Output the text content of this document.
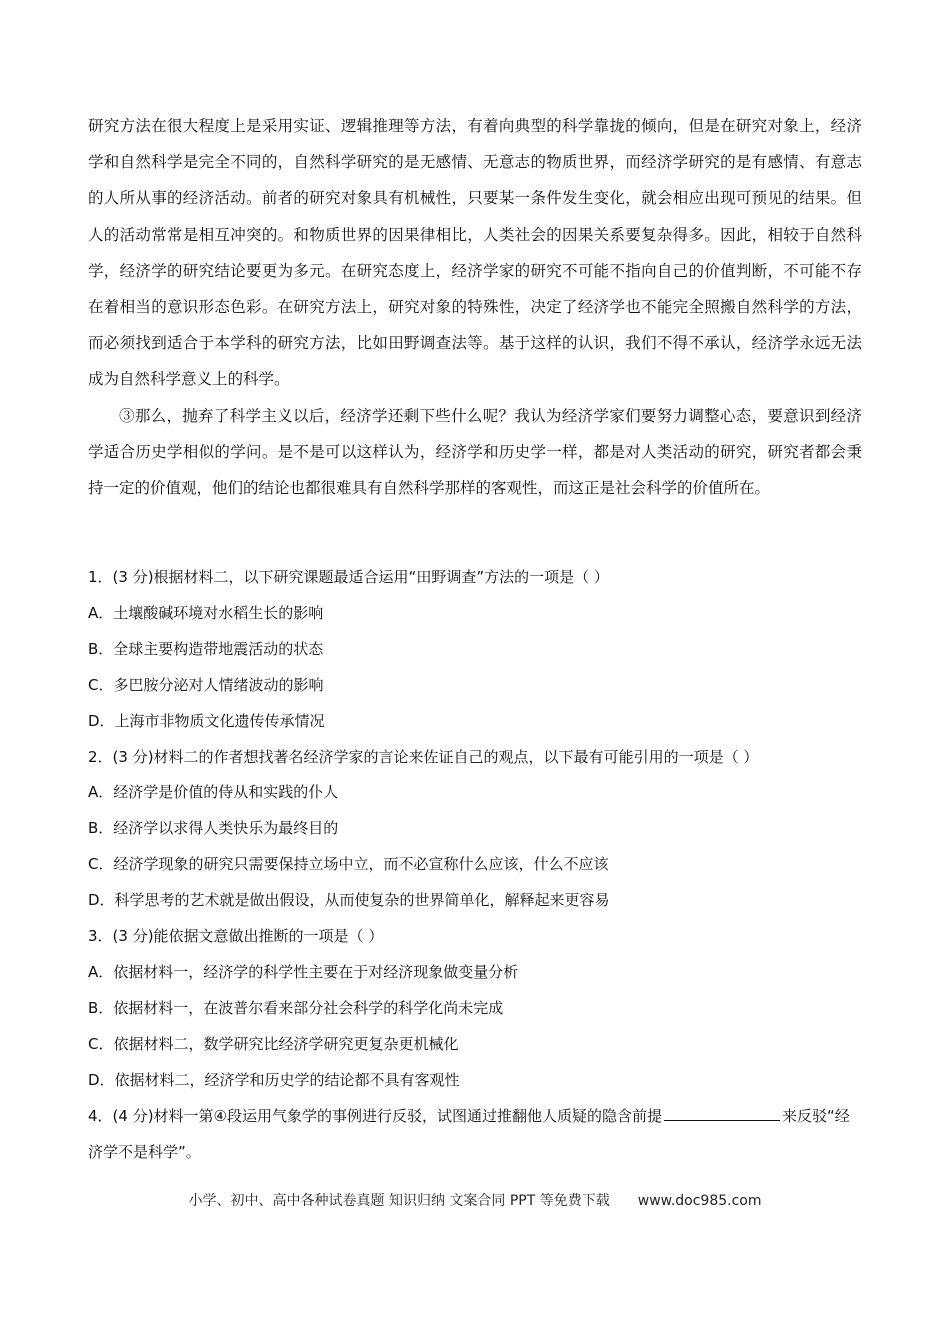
研究方法在很大程度上是采用实证、逻辑推理等方法，有着向典型的科学靠拢的倾向，但是在研究对象上，经济学和自然科学是完全不同的，自然科学研究的是无感情、无意志的物质世界，而经济学研究的是有感情、有意志的人所从事的经济活动。前者的研究对象具有机械性，只要某一条件发生变化，就会相应出现可预见的结果。但人的活动常常是相互冲突的。和物质世界的因果律相比，人类社会的因果关系要复杂得多。因此，相较于自然科学，经济学的研究结论要更为多元。在研究态度上，经济学家的研究不可能不指向自己的价值判断，不可能不存在着相当的意识形态色彩。在研究方法上，研究对象的特殊性，决定了经济学也不能完全照搬自然科学的方法，而必须找到适合于本学科的研究方法，比如田野调查法等。基于这样的认识，我们不得不承认，经济学永远无法成为自然科学意义上的科学。

③那么，抛弃了科学主义以后，经济学还剩下些什么呢？我认为经济学家们要努力调整心态，要意识到经济学适合历史学相似的学问。是不是可以这样认为，经济学和历史学一样，都是对人类活动的研究，研究者都会秉持一定的价值观，他们的结论也都很难具有自然科学那样的客观性，而这正是社会科学的价值所在。

1．(3 分)根据材料二，以下研究课题最适合运用“田野调查”方法的一项是（ ）

A．土壤酸碱环境对水稻生长的影响

B．全球主要构造带地震活动的状态

C．多巴胺分泌对人情绪波动的影响

D．上海市非物质文化遗传传承情况

2．(3 分)材料二的作者想找著名经济学家的言论来佐证自己的观点，以下最有可能引用的一项是（ ）

A．经济学是价值的侍从和实践的仆人

B．经济学以求得人类快乐为最终目的

C．经济学现象的研究只需要保持立场中立，而不必宣称什么应该，什么不应该

D．科学思考的艺术就是做出假设，从而使复杂的世界简单化，解释起来更容易

3．(3 分)能依据文意做出推断的一项是（ ）

A．依据材料一，经济学的科学性主要在于对经济现象做变量分析

B．依据材料一，在波普尔看来部分社会科学的科学化尚未完成

C．依据材料二，数学研究比经济学研究更复杂更机械化

D．依据材料二，经济学和历史学的结论都不具有客观性

4．(4 分)材料一第④段运用气象学的事例进行反驳，试图通过推翻他人质疑的隐含前提	来反驳“经济学不是科学”。

小学、初中、高中各种试卷真题 知识归纳 文案合同 PPT 等免费下载 www.doc985.com
